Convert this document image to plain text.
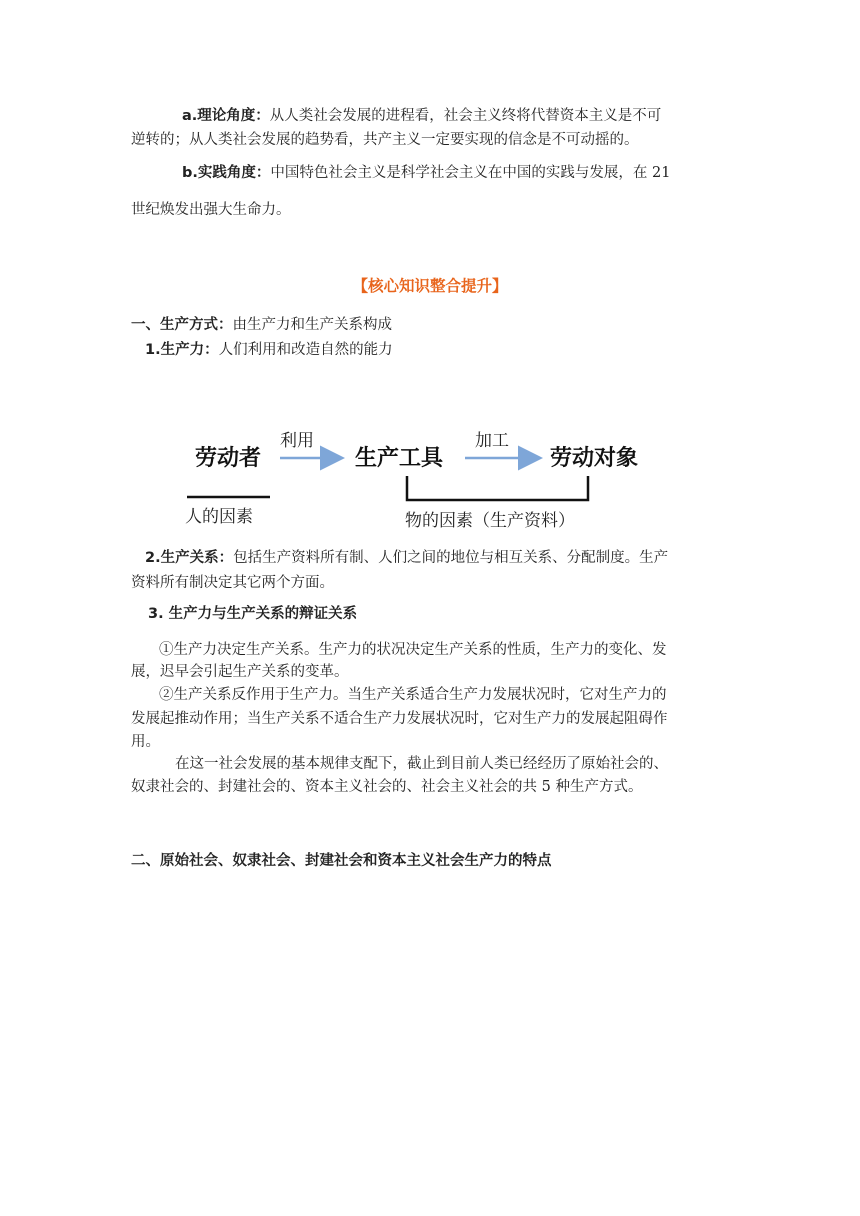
a.理论角度：从人类社会发展的进程看，社会主义终将代替资本主义是不可
逆转的；从人类社会发展的趋势看，共产主义一定要实现的信念是不可动摇的。
b.实践角度：中国特色社会主义是科学社会主义在中国的实践与发展，在 21
世纪焕发出强大生命力。
【核心知识整合提升】
一、生产方式：由生产力和生产关系构成
1.生产力：人们利用和改造自然的能力
劳动者
利用
生产工具
加工
劳动对象
人的因素	物的因素（生产资料）
2.生产关系：包括生产资料所有制、人们之间的地位与相互关系、分配制度。生产
资料所有制决定其它两个方面。
3. 生产力与生产关系的辩证关系
①生产力决定生产关系。生产力的状况决定生产关系的性质，生产力的变化、发
展，迟早会引起生产关系的变革。
②生产关系反作用于生产力。当生产关系适合生产力发展状况时，它对生产力的
发展起推动作用；当生产关系不适合生产力发展状况时，它对生产力的发展起阻碍作
用。
在这一社会发展的基本规律支配下，截止到目前人类已经经历了原始社会的、
奴隶社会的、封建社会的、资本主义社会的、社会主义社会的共 5 种生产方式。
二、原始社会、奴隶社会、封建社会和资本主义社会生产力的特点
